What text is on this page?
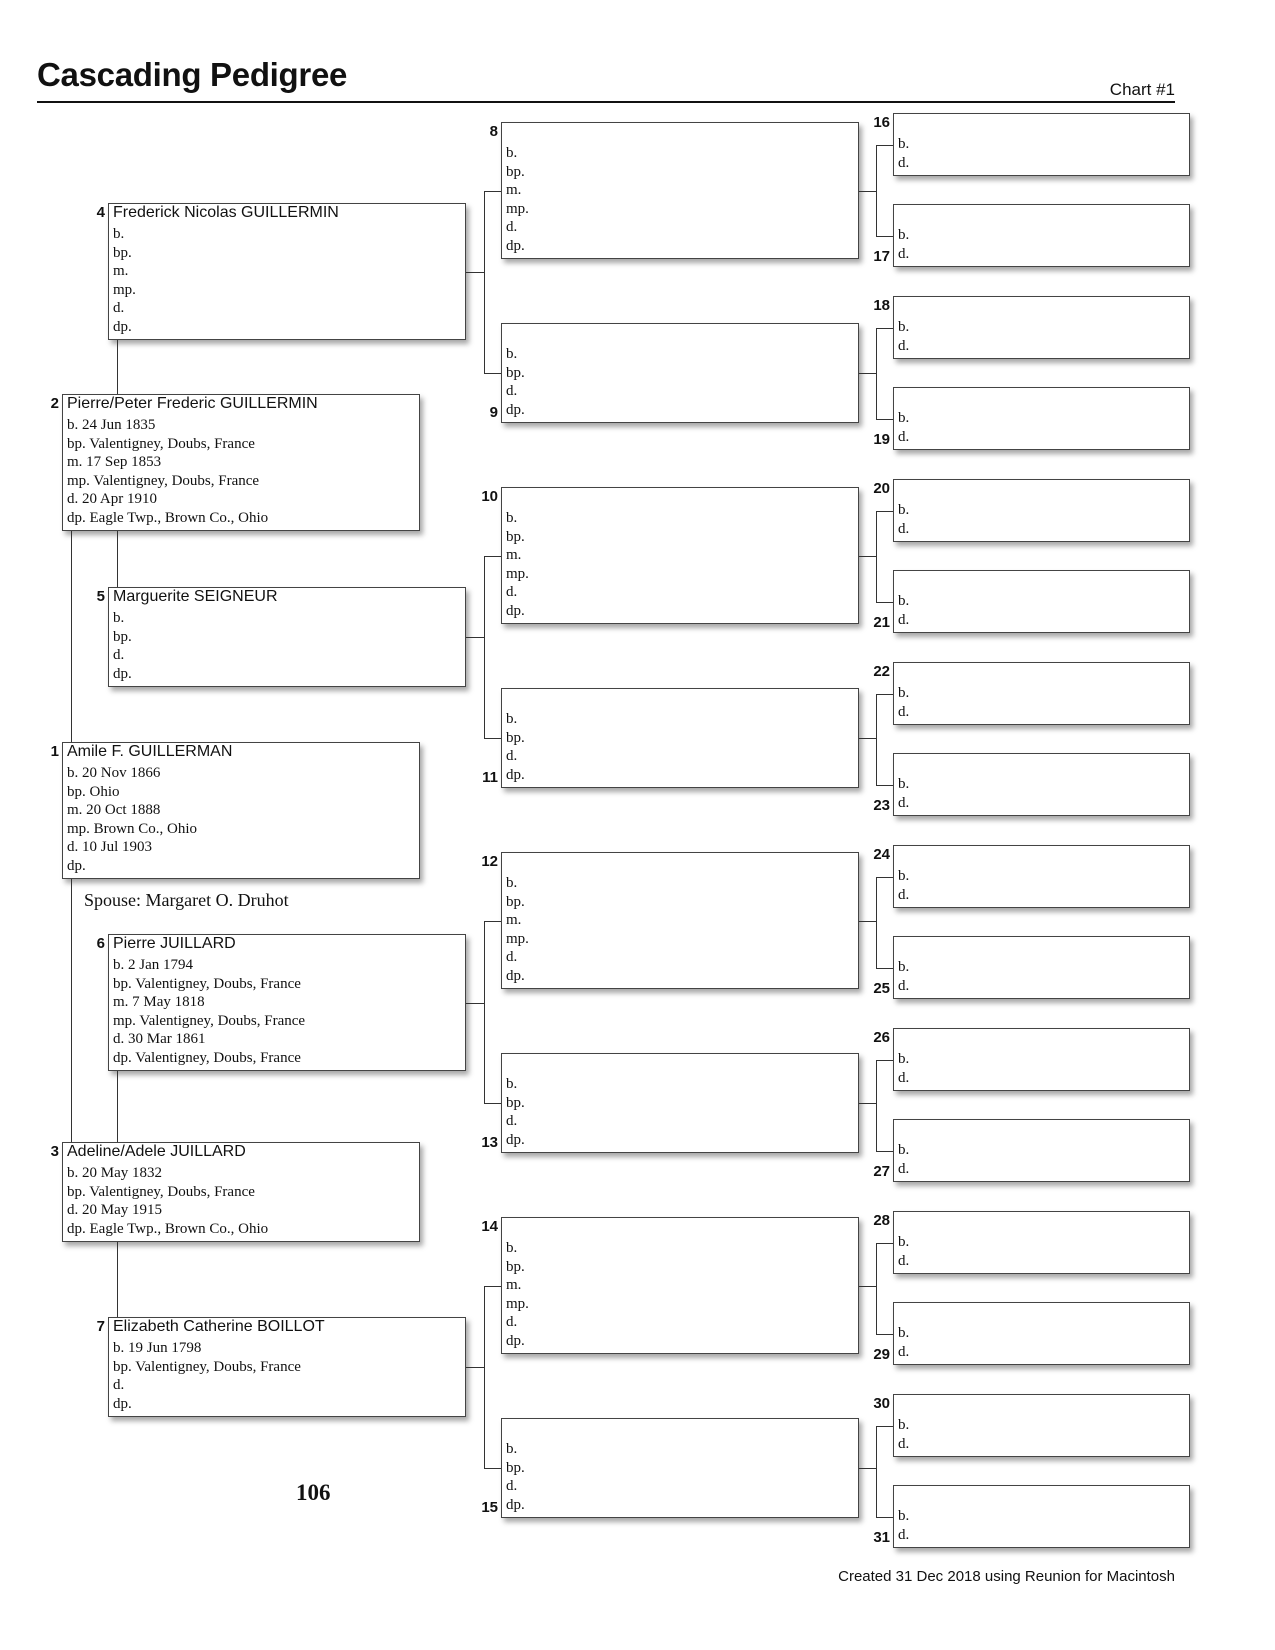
Cascading Pedigree	Chart #1
1 Amile F. GUILLERMAN
b. 20 Nov 1866
bp. Ohio
m. 20 Oct 1888
mp. Brown Co., Ohio
d. 10 Jul 1903
dp.
2 Pierre/Peter Frederic GUILLERMIN
b. 24 Jun 1835
bp. Valentigney, Doubs, France
m. 17 Sep 1853
mp. Valentigney, Doubs, France
d. 20 Apr 1910
dp. Eagle Twp., Brown Co., Ohio
3 Adeline/Adele JUILLARD
b. 20 May 1832
bp. Valentigney, Doubs, France
d. 20 May 1915
dp. Eagle Twp., Brown Co., Ohio
4 Frederick Nicolas GUILLERMIN
b.
bp.
m.
mp.
d.
dp.
5 Marguerite SEIGNEUR
b.
bp.
d.
dp.
6 Pierre JUILLARD
b. 2 Jan 1794
bp. Valentigney, Doubs, France
m. 7 May 1818
mp. Valentigney, Doubs, France
d. 30 Mar 1861
dp. Valentigney, Doubs, France
7 Elizabeth Catherine BOILLOT
b. 19 Jun 1798
bp. Valentigney, Doubs, France
d.
dp.
8
b.
bp.
m.
mp.
d.
dp.
9
b.
bp.
d.
dp.
10
b.
bp.
m.
mp.
d.
dp.
11
b.
bp.
d.
dp.
12
b.
bp.
m.
mp.
d.
dp.
13
b.
bp.
d.
dp.
14
b.
bp.
m.
mp.
d.
dp.
15
b.
bp.
d.
dp.
16
b.
d.
17
b.
d.
18
b.
d.
19
b.
d.
20
b.
d.
21
b.
d.
22
b.
d.
23
b.
d.
24
b.
d.
25
b.
d.
26
b.
d.
27
b.
d.
28
b.
d.
29
b.
d.
30
b.
d.
31
b.
d.
Spouse: Margaret O. Druhot
106
Created 31 Dec 2018 using Reunion for Macintosh
